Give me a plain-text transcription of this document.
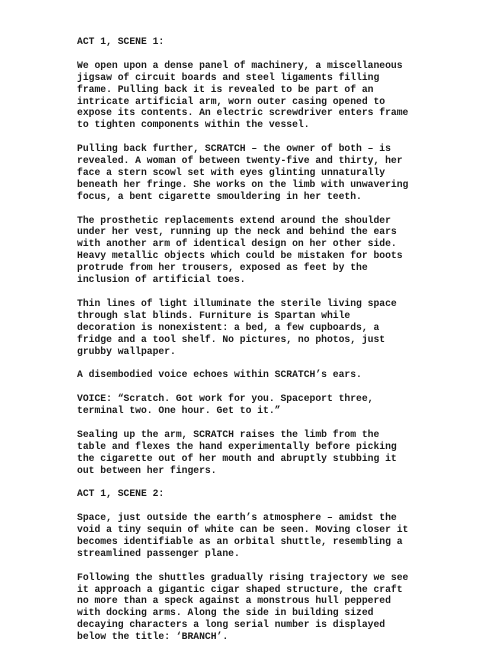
ACT 1, SCENE 1:
We open upon a dense panel of machinery, a miscellaneous
jigsaw of circuit boards and steel ligaments filling
frame. Pulling back it is revealed to be part of an
intricate artificial arm, worn outer casing opened to
expose its contents. An electric screwdriver enters frame
to tighten components within the vessel.
Pulling back further, SCRATCH – the owner of both – is
revealed. A woman of between twenty-five and thirty, her
face a stern scowl set with eyes glinting unnaturally
beneath her fringe. She works on the limb with unwavering
focus, a bent cigarette smouldering in her teeth.
The prosthetic replacements extend around the shoulder
under her vest, running up the neck and behind the ears
with another arm of identical design on her other side.
Heavy metallic objects which could be mistaken for boots
protrude from her trousers, exposed as feet by the
inclusion of artificial toes.
Thin lines of light illuminate the sterile living space
through slat blinds. Furniture is Spartan while
decoration is nonexistent: a bed, a few cupboards, a
fridge and a tool shelf. No pictures, no photos, just
grubby wallpaper.
A disembodied voice echoes within SCRATCH’s ears.
VOICE: “Scratch. Got work for you. Spaceport three,
terminal two. One hour. Get to it.”
Sealing up the arm, SCRATCH raises the limb from the
table and flexes the hand experimentally before picking
the cigarette out of her mouth and abruptly stubbing it
out between her fingers.
ACT 1, SCENE 2:
Space, just outside the earth’s atmosphere – amidst the
void a tiny sequin of white can be seen. Moving closer it
becomes identifiable as an orbital shuttle, resembling a
streamlined passenger plane.
Following the shuttles gradually rising trajectory we see
it approach a gigantic cigar shaped structure, the craft
no more than a speck against a monstrous hull peppered
with docking arms. Along the side in building sized
decaying characters a long serial number is displayed
below the title: ‘BRANCH’.
